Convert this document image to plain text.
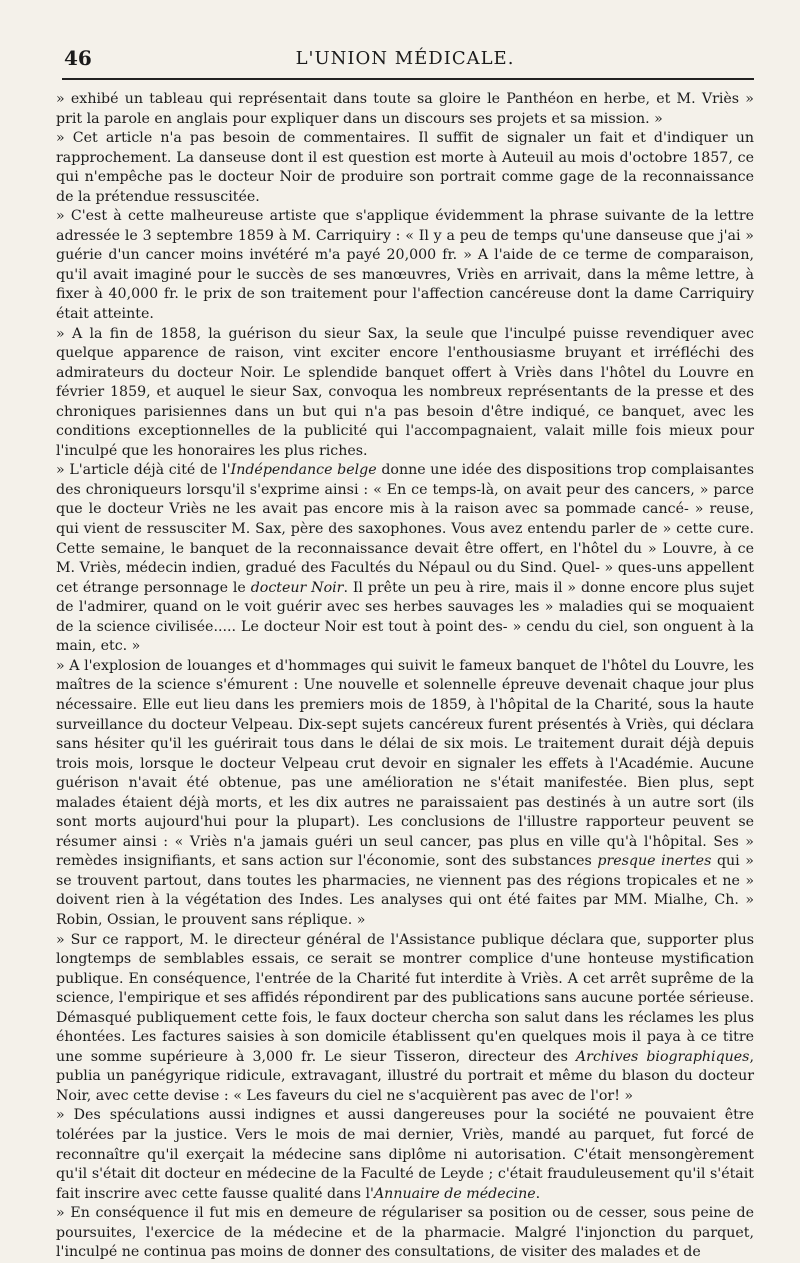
46	L'UNION MÉDICALE.

» exhibé un tableau qui représentait dans toute sa gloire le Panthéon en herbe, et M. Vriès » prit la parole en anglais pour expliquer dans un discours ses projets et sa mission. »

» Cet article n'a pas besoin de commentaires. Il suffit de signaler un fait et d'indiquer un rapprochement. La danseuse dont il est question est morte à Auteuil au mois d'octobre 1857, ce qui n'empêche pas le docteur Noir de produire son portrait comme gage de la reconnaissance de la prétendue ressuscitée.

» C'est à cette malheureuse artiste que s'applique évidemment la phrase suivante de la lettre adressée le 3 septembre 1859 à M. Carriquiry : « Il y a peu de temps qu'une danseuse que j'ai » guérie d'un cancer moins invétéré m'a payé 20,000 fr. » A l'aide de ce terme de comparaison, qu'il avait imaginé pour le succès de ses manœuvres, Vriès en arrivait, dans la même lettre, à fixer à 40,000 fr. le prix de son traitement pour l'affection cancéreuse dont la dame Carriquiry était atteinte.

» A la fin de 1858, la guérison du sieur Sax, la seule que l'inculpé puisse revendiquer avec quelque apparence de raison, vint exciter encore l'enthousiasme bruyant et irréfléchi des admirateurs du docteur Noir. Le splendide banquet offert à Vriès dans l'hôtel du Louvre en février 1859, et auquel le sieur Sax, convoqua les nombreux représentants de la presse et des chroniques parisiennes dans un but qui n'a pas besoin d'être indiqué, ce banquet, avec les conditions exceptionnelles de la publicité qui l'accompagnaient, valait mille fois mieux pour l'inculpé que les honoraires les plus riches.

» L'article déjà cité de l'Indépendance belge donne une idée des dispositions trop complaisantes des chroniqueurs lorsqu'il s'exprime ainsi : « En ce temps-là, on avait peur des cancers, » parce que le docteur Vriès ne les avait pas encore mis à la raison avec sa pommade cancé- » reuse, qui vient de ressusciter M. Sax, père des saxophones. Vous avez entendu parler de » cette cure. Cette semaine, le banquet de la reconnaissance devait être offert, en l'hôtel du » Louvre, à ce M. Vriès, médecin indien, gradué des Facultés du Népaul ou du Sind. Quel- » ques-uns appellent cet étrange personnage le docteur Noir. Il prête un peu à rire, mais il » donne encore plus sujet de l'admirer, quand on le voit guérir avec ses herbes sauvages les » maladies qui se moquaient de la science civilisée..... Le docteur Noir est tout à point des- » cendu du ciel, son onguent à la main, etc. »

» A l'explosion de louanges et d'hommages qui suivit le fameux banquet de l'hôtel du Louvre, les maîtres de la science s'émurent : Une nouvelle et solennelle épreuve devenait chaque jour plus nécessaire. Elle eut lieu dans les premiers mois de 1859, à l'hôpital de la Charité, sous la haute surveillance du docteur Velpeau. Dix-sept sujets cancéreux furent présentés à Vriès, qui déclara sans hésiter qu'il les guérirait tous dans le délai de six mois. Le traitement durait déjà depuis trois mois, lorsque le docteur Velpeau crut devoir en signaler les effets à l'Académie. Aucune guérison n'avait été obtenue, pas une amélioration ne s'était manifestée. Bien plus, sept malades étaient déjà morts, et les dix autres ne paraissaient pas destinés à un autre sort (ils sont morts aujourd'hui pour la plupart). Les conclusions de l'illustre rapporteur peuvent se résumer ainsi : « Vriès n'a jamais guéri un seul cancer, pas plus en ville qu'à l'hôpital. Ses » remèdes insignifiants, et sans action sur l'économie, sont des substances presque inertes qui » se trouvent partout, dans toutes les pharmacies, ne viennent pas des régions tropicales et ne » doivent rien à la végétation des Indes. Les analyses qui ont été faites par MM. Mialhe, Ch. » Robin, Ossian, le prouvent sans réplique. »

» Sur ce rapport, M. le directeur général de l'Assistance publique déclara que, supporter plus longtemps de semblables essais, ce serait se montrer complice d'une honteuse mystification publique. En conséquence, l'entrée de la Charité fut interdite à Vriès. A cet arrêt suprême de la science, l'empirique et ses affidés répondirent par des publications sans aucune portée sérieuse. Démasqué publiquement cette fois, le faux docteur chercha son salut dans les réclames les plus éhontées. Les factures saisies à son domicile établissent qu'en quelques mois il paya à ce titre une somme supérieure à 3,000 fr. Le sieur Tisseron, directeur des Archives biographiques, publia un panégyrique ridicule, extravagant, illustré du portrait et même du blason du docteur Noir, avec cette devise : « Les faveurs du ciel ne s'acquièrent pas avec de l'or! »

» Des spéculations aussi indignes et aussi dangereuses pour la société ne pouvaient être tolérées par la justice. Vers le mois de mai dernier, Vriès, mandé au parquet, fut forcé de reconnaître qu'il exerçait la médecine sans diplôme ni autorisation. C'était mensongèrement qu'il s'était dit docteur en médecine de la Faculté de Leyde ; c'était frauduleusement qu'il s'était fait inscrire avec cette fausse qualité dans l'Annuaire de médecine.

» En conséquence il fut mis en demeure de régulariser sa position ou de cesser, sous peine de poursuites, l'exercice de la médecine et de la pharmacie. Malgré l'injonction du parquet, l'inculpé ne continua pas moins de donner des consultations, de visiter des malades et de
